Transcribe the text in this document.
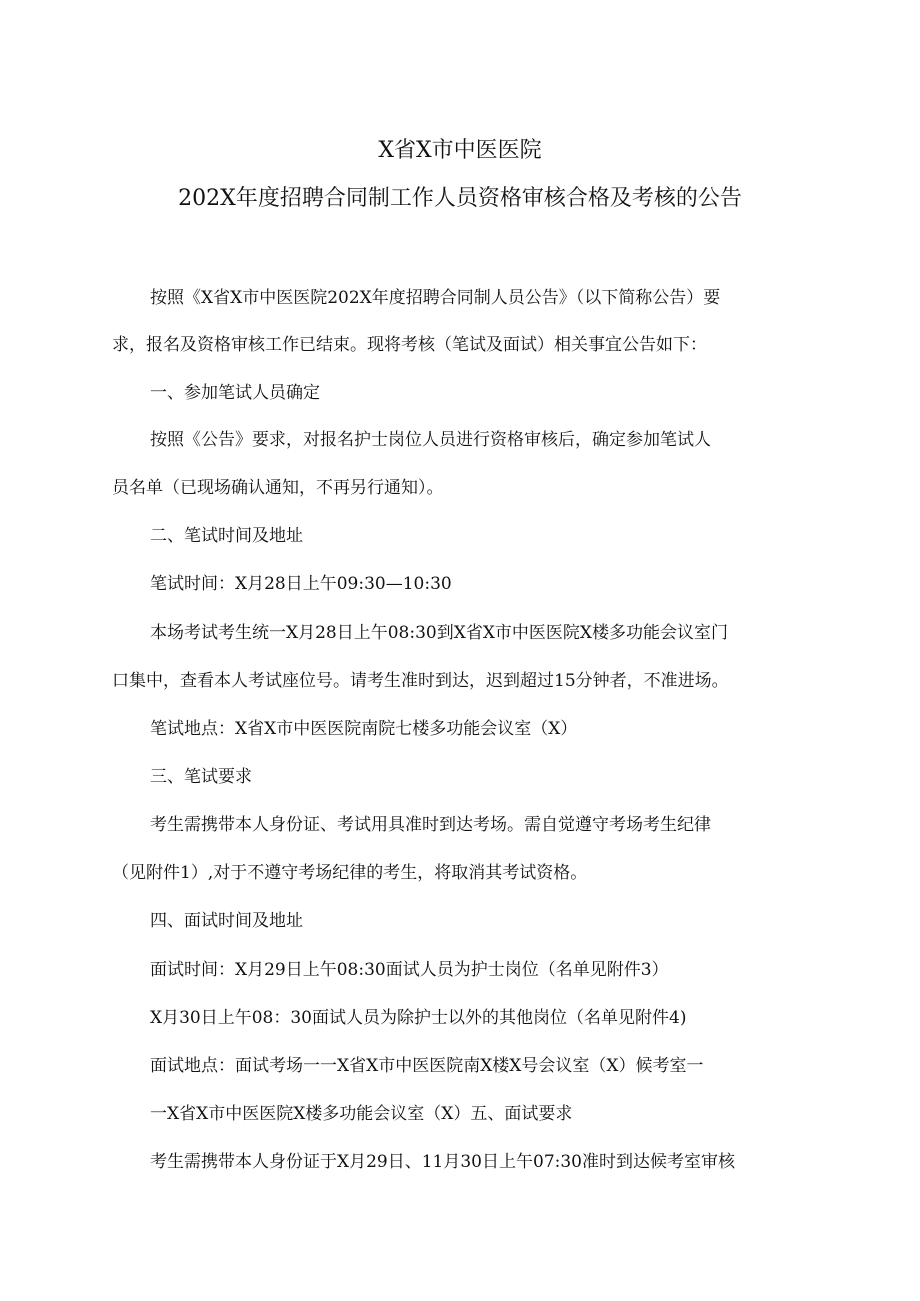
X省X市中医医院
202X年度招聘合同制工作人员资格审核合格及考核的公告
按照《X省X市中医医院202X年度招聘合同制人员公告》（以下简称公告）要
求，报名及资格审核工作已结束。现将考核（笔试及面试）相关事宜公告如下：
一、参加笔试人员确定
按照《公告》要求，对报名护士岗位人员进行资格审核后，确定参加笔试人
员名单（已现场确认通知，不再另行通知）。
二、笔试时间及地址
笔试时间：X月28日上午09:30—10:30
本场考试考生统一X月28日上午08:30到X省X市中医医院X楼多功能会议室门
口集中，查看本人考试座位号。请考生准时到达，迟到超过15分钟者，不准进场。
笔试地点：X省X市中医医院南院七楼多功能会议室（X）
三、笔试要求
考生需携带本人身份证、考试用具准时到达考场。需自觉遵守考场考生纪律
（见附件1）,对于不遵守考场纪律的考生，将取消其考试资格。
四、面试时间及地址
面试时间：X月29日上午08:30面试人员为护士岗位（名单见附件3）
X月30日上午08：30面试人员为除护士以外的其他岗位（名单见附件4)
面试地点：面试考场一一X省X市中医医院南X楼X号会议室（X）候考室一
一X省X市中医医院X楼多功能会议室（X）五、面试要求
考生需携带本人身份证于X月29日、11月30日上午07:30准时到达候考室审核
